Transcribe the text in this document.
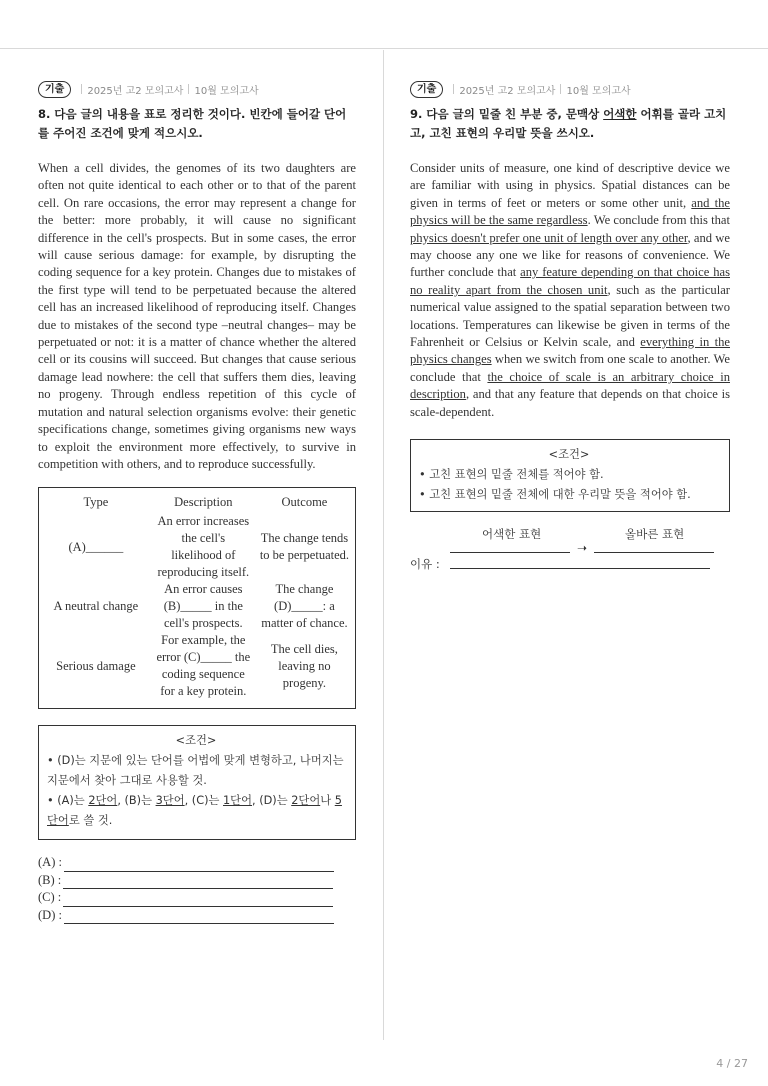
기출	2025년 고2 모의고사 10월 모의고사
8. 다음 글의 내용을 표로 정리한 것이다. 빈칸에 들어갈 단어를 주어진 조건에 맞게 적으시오.
When a cell divides, the genomes of its two daughters are often not quite identical to each other or to that of the parent cell. On rare occasions, the error may represent a change for the better: more probably, it will cause no significant difference in the cell's prospects. But in some cases, the error will cause serious damage: for example, by disrupting the coding sequence for a key protein. Changes due to mistakes of the first type will tend to be perpetuated because the altered cell has an increased likelihood of reproducing itself. Changes due to mistakes of the second type –neutral changes– may be perpetuated or not: it is a matter of chance whether the altered cell or its cousins will succeed. But changes that cause serious damage lead nowhere: the cell that suffers them dies, leaving no progeny. Through endless repetition of this cycle of mutation and natural selection organisms evolve: their genetic specifications change, sometimes giving organisms new ways to exploit the environment more effectively, to survive in competition with others, and to reproduce successfully.
Type	Description	Outcome
(A)______	An error increases the cell's likelihood of reproducing itself.	The change tends to be perpetuated.
A neutral change	An error causes (B)_____ in the cell's prospects.	The change (D)_____: a matter of chance.
Serious damage	For example, the error (C)_____ the coding sequence for a key protein.	The cell dies, leaving no progeny.
<조건>
• (D)는 지문에 있는 단어를 어법에 맞게 변형하고, 나머지는 지문에서 찾아 그대로 사용할 것.
• (A)는 2단어, (B)는 3단어, (C)는 1단어, (D)는 2단어나 5단어로 쓸 것.
(A) :
(B) :
(C) :
(D) :
기출	2025년 고2 모의고사 10월 모의고사
9. 다음 글의 밑줄 친 부분 중, 문맥상 어색한 어휘를 골라 고치고, 고친 표현의 우리말 뜻을 쓰시오.
Consider units of measure, one kind of descriptive device we are familiar with using in physics. Spatial distances can be given in terms of feet or meters or some other unit, and the physics will be the same regardless. We conclude from this that physics doesn't prefer one unit of length over any other, and we may choose any one we like for reasons of convenience. We further conclude that any feature depending on that choice has no reality apart from the chosen unit, such as the particular numerical value assigned to the spatial separation between two locations. Temperatures can likewise be given in terms of the Fahrenheit or Celsius or Kelvin scale, and everything in the physics changes when we switch from one scale to another. We conclude that the choice of scale is an arbitrary choice in description, and that any feature that depends on that choice is scale-dependent.
<조건>
• 고친 표현의 밑줄 전체를 적어야 함.
• 고친 표현의 밑줄 전체에 대한 우리말 뜻을 적어야 함.
어색한 표현	올바른 표현
➝
이유 :
4 / 27
